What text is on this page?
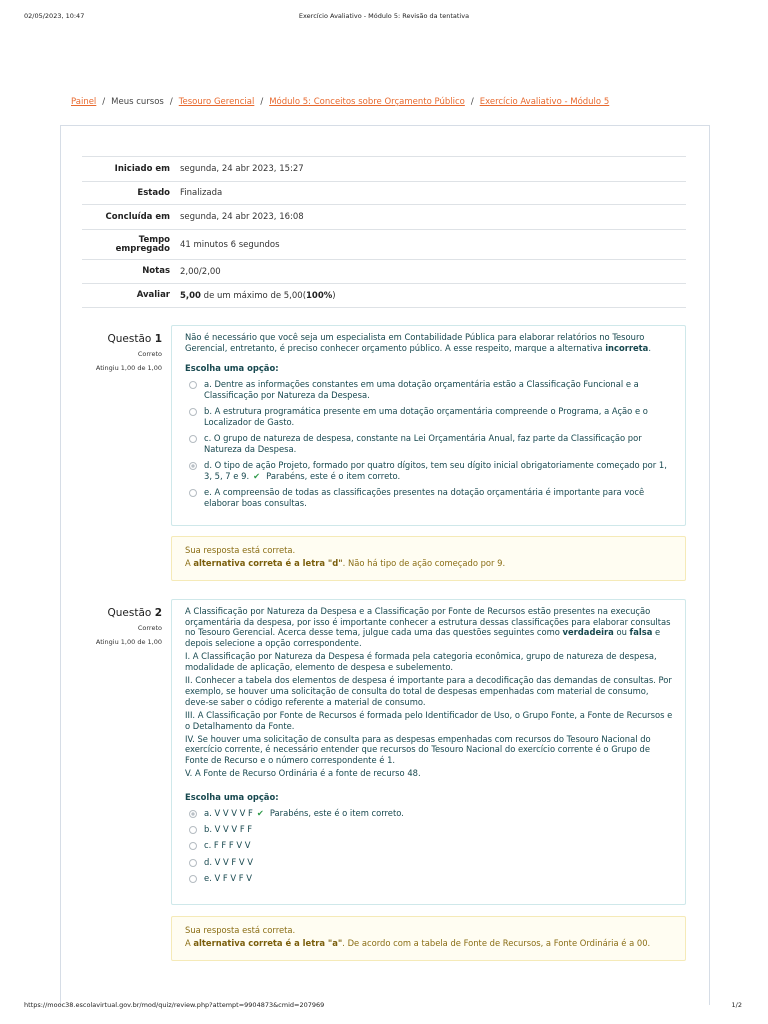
02/05/2023, 10:47	Exercício Avaliativo - Módulo 5: Revisão da tentativa
Painel / Meus cursos / Tesouro Gerencial / Módulo 5: Conceitos sobre Orçamento Público / Exercício Avaliativo - Módulo 5
Iniciado em	segunda, 24 abr 2023, 15:27
Estado	Finalizada
Concluída em	segunda, 24 abr 2023, 16:08
Tempo empregado	41 minutos 6 segundos
Notas	2,00/2,00
Avaliar	5,00 de um máximo de 5,00(100%)
Questão 1
Correto
Atingiu 1,00 de 1,00

Não é necessário que você seja um especialista em Contabilidade Pública para elaborar relatórios no Tesouro Gerencial, entretanto, é preciso conhecer orçamento público. A esse respeito, marque a alternativa incorreta.

Escolha uma opção:
a. Dentre as informações constantes em uma dotação orçamentária estão a Classificação Funcional e a Classificação por Natureza da Despesa.
b. A estrutura programática presente em uma dotação orçamentária compreende o Programa, a Ação e o Localizador de Gasto.
c. O grupo de natureza de despesa, constante na Lei Orçamentária Anual, faz parte da Classificação por Natureza da Despesa.
d. O tipo de ação Projeto, formado por quatro dígitos, tem seu dígito inicial obrigatoriamente começado por 1, 3, 5, 7 e 9. ✔ Parabéns, este é o item correto.
e. A compreensão de todas as classificações presentes na dotação orçamentária é importante para você elaborar boas consultas.
Sua resposta está correta.
A alternativa correta é a letra "d". Não há tipo de ação começado por 9.
Questão 2
Correto
Atingiu 1,00 de 1,00

A Classificação por Natureza da Despesa e a Classificação por Fonte de Recursos estão presentes na execução orçamentária da despesa, por isso é importante conhecer a estrutura dessas classificações para elaborar consultas no Tesouro Gerencial. Acerca desse tema, julgue cada uma das questões seguintes como verdadeira ou falsa e depois selecione a opção correspondente.

I. A Classificação por Natureza da Despesa é formada pela categoria econômica, grupo de natureza de despesa, modalidade de aplicação, elemento de despesa e subelemento.

II. Conhecer a tabela dos elementos de despesa é importante para a decodificação das demandas de consultas. Por exemplo, se houver uma solicitação de consulta do total de despesas empenhadas com material de consumo, deve-se saber o código referente a material de consumo.

III. A Classificação por Fonte de Recursos é formada pelo Identificador de Uso, o Grupo Fonte, a Fonte de Recursos e o Detalhamento da Fonte.

IV. Se houver uma solicitação de consulta para as despesas empenhadas com recursos do Tesouro Nacional do exercício corrente, é necessário entender que recursos do Tesouro Nacional do exercício corrente é o Grupo de Fonte de Recurso e o número correspondente é 1.

V. A Fonte de Recurso Ordinária é a fonte de recurso 48.

Escolha uma opção:
a. V V V V F ✔ Parabéns, este é o item correto.
b. V V V F F
c. F F F V V
d. V V F V V
e. V F V F V
Sua resposta está correta.
A alternativa correta é a letra "a". De acordo com a tabela de Fonte de Recursos, a Fonte Ordinária é a 00.
https://mooc38.escolavirtual.gov.br/mod/quiz/review.php?attempt=9904873&cmid=207969	1/2
